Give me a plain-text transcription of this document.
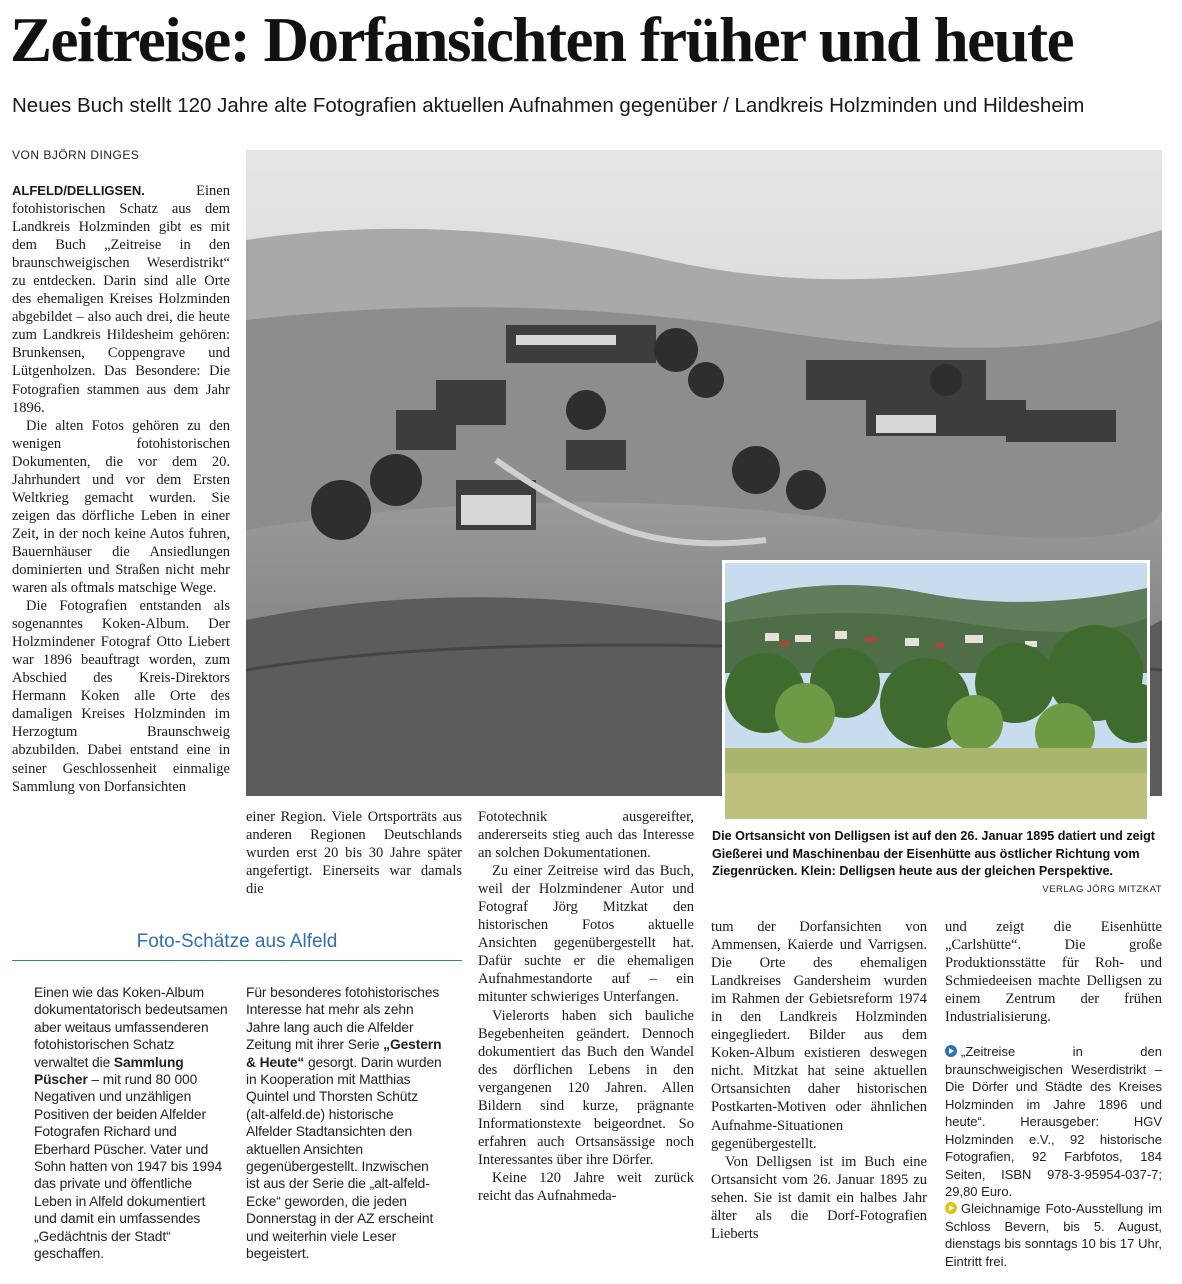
Zeitreise: Dorfansichten früher und heute
Neues Buch stellt 120 Jahre alte Fotografien aktuellen Aufnahmen gegenüber / Landkreis Holzminden und Hildesheim
VON BJÖRN DINGES

ALFELD/DELLIGSEN. Einen fotohistorischen Schatz aus dem Landkreis Holzminden gibt es mit dem Buch „Zeitreise in den braunschweigischen Weserdistrikt“ zu entdecken. Darin sind alle Orte des ehemaligen Kreises Holzminden abgebildet – also auch drei, die heute zum Landkreis Hildesheim gehören: Brunkensen, Coppengrave und Lütgenholzen. Das Besondere: Die Fotografien stammen aus dem Jahr 1896.

Die alten Fotos gehören zu den wenigen fotohistorischen Dokumenten, die vor dem 20. Jahrhundert und vor dem Ersten Weltkrieg gemacht wurden. Sie zeigen das dörfliche Leben in einer Zeit, in der noch keine Autos fuhren, Bauernhäuser die Ansiedlungen dominierten und Straßen nicht mehr waren als oftmals matschige Wege.

Die Fotografien entstanden als sogenanntes Koken-Album. Der Holzmindener Fotograf Otto Liebert war 1896 beauftragt worden, zum Abschied des Kreis-Direktors Hermann Koken alle Orte des damaligen Kreises Holzminden im Herzogtum Braunschweig abzubilden. Dabei entstand eine in seiner Geschlossenheit einmalige Sammlung von Dorfansichten

einer Region. Viele Ortsporträts aus anderen Regionen Deutschlands wurden erst 20 bis 30 Jahre später angefertigt. Einerseits war damals die

Fototechnik ausgereifter, andererseits stieg auch das Interesse an solchen Dokumentationen.

Zu einer Zeitreise wird das Buch, weil der Holzmindener Autor und Fotograf Jörg Mitzkat den historischen Fotos aktuelle Ansichten gegenübergestellt hat. Dafür suchte er die ehemaligen Aufnahmestandorte auf – ein mitunter schwieriges Unterfangen.

Vielerorts haben sich bauliche Begebenheiten geändert. Dennoch dokumentiert das Buch den Wandel des dörflichen Lebens in den vergangenen 120 Jahren. Allen Bildern sind kurze, prägnante Informationstexte beigeordnet. So erfahren auch Ortsansässige noch Interessantes über ihre Dörfer.

Keine 120 Jahre weit zurück reicht das Aufnahmeda-

Die Ortsansicht von Delligsen ist auf den 26. Januar 1895 datiert und zeigt Gießerei und Maschinenbau der Eisenhütte aus östlicher Richtung vom Ziegenrücken. Klein: Delligsen heute aus der gleichen Perspektive.
VERLAG JÖRG MITZKAT

tum der Dorfansichten von Ammensen, Kaierde und Varrigsen. Die Orte des ehemaligen Landkreises Gandersheim wurden im Rahmen der Gebietsreform 1974 in den Landkreis Holzminden eingegliedert. Bilder aus dem Koken-Album existieren deswegen nicht. Mitzkat hat seine aktuellen Ortsansichten daher historischen Postkarten-Motiven oder ähnlichen Aufnahme-Situationen gegenübergestellt.

Von Delligsen ist im Buch eine Ortsansicht vom 26. Januar 1895 zu sehen. Sie ist damit ein halbes Jahr älter als die Dorf-Fotografien Lieberts

und zeigt die Eisenhütte „Carlshütte“. Die große Produktionsstätte für Roh- und Schmiedeeisen machte Delligsen zu einem Zentrum der frühen Industrialisierung.

„Zeitreise in den braunschweigischen Weserdistrikt – Die Dörfer und Städte des Kreises Holzminden im Jahre 1896 und heute“. Herausgeber: HGV Holzminden e.V., 92 historische Fotografien, 92 Farbfotos, 184 Seiten, ISBN 978-3-95954-037-7; 29,80 Euro.
Gleichnamige Foto-Ausstellung im Schloss Bevern, bis 5. August, dienstags bis sonntags 10 bis 17 Uhr, Eintritt frei.
Foto-Schätze aus Alfeld
Einen wie das Koken-Album dokumentatorisch bedeutsamen aber weitaus umfassenderen fotohistorischen Schatz verwaltet die Sammlung Püscher – mit rund 80 000 Negativen und unzähligen Positiven der beiden Alfelder Fotografen Richard und Eberhard Püscher. Vater und Sohn hatten von 1947 bis 1994 das private und öffentliche Leben in Alfeld dokumentiert und damit ein umfassendes „Gedächtnis der Stadt“ geschaffen.
Für besonderes fotohistorisches Interesse hat mehr als zehn Jahre lang auch die Alfelder Zeitung mit ihrer Serie „Gestern & Heute“ gesorgt. Darin wurden in Kooperation mit Matthias Quintel und Thorsten Schütz (alt-alfeld.de) historische Alfelder Stadtansichten den aktuellen Ansichten gegenübergestellt. Inzwischen ist aus der Serie die „alt-alfeld-Ecke“ geworden, die jeden Donnerstag in der AZ erscheint und weiterhin viele Leser begeistert.
